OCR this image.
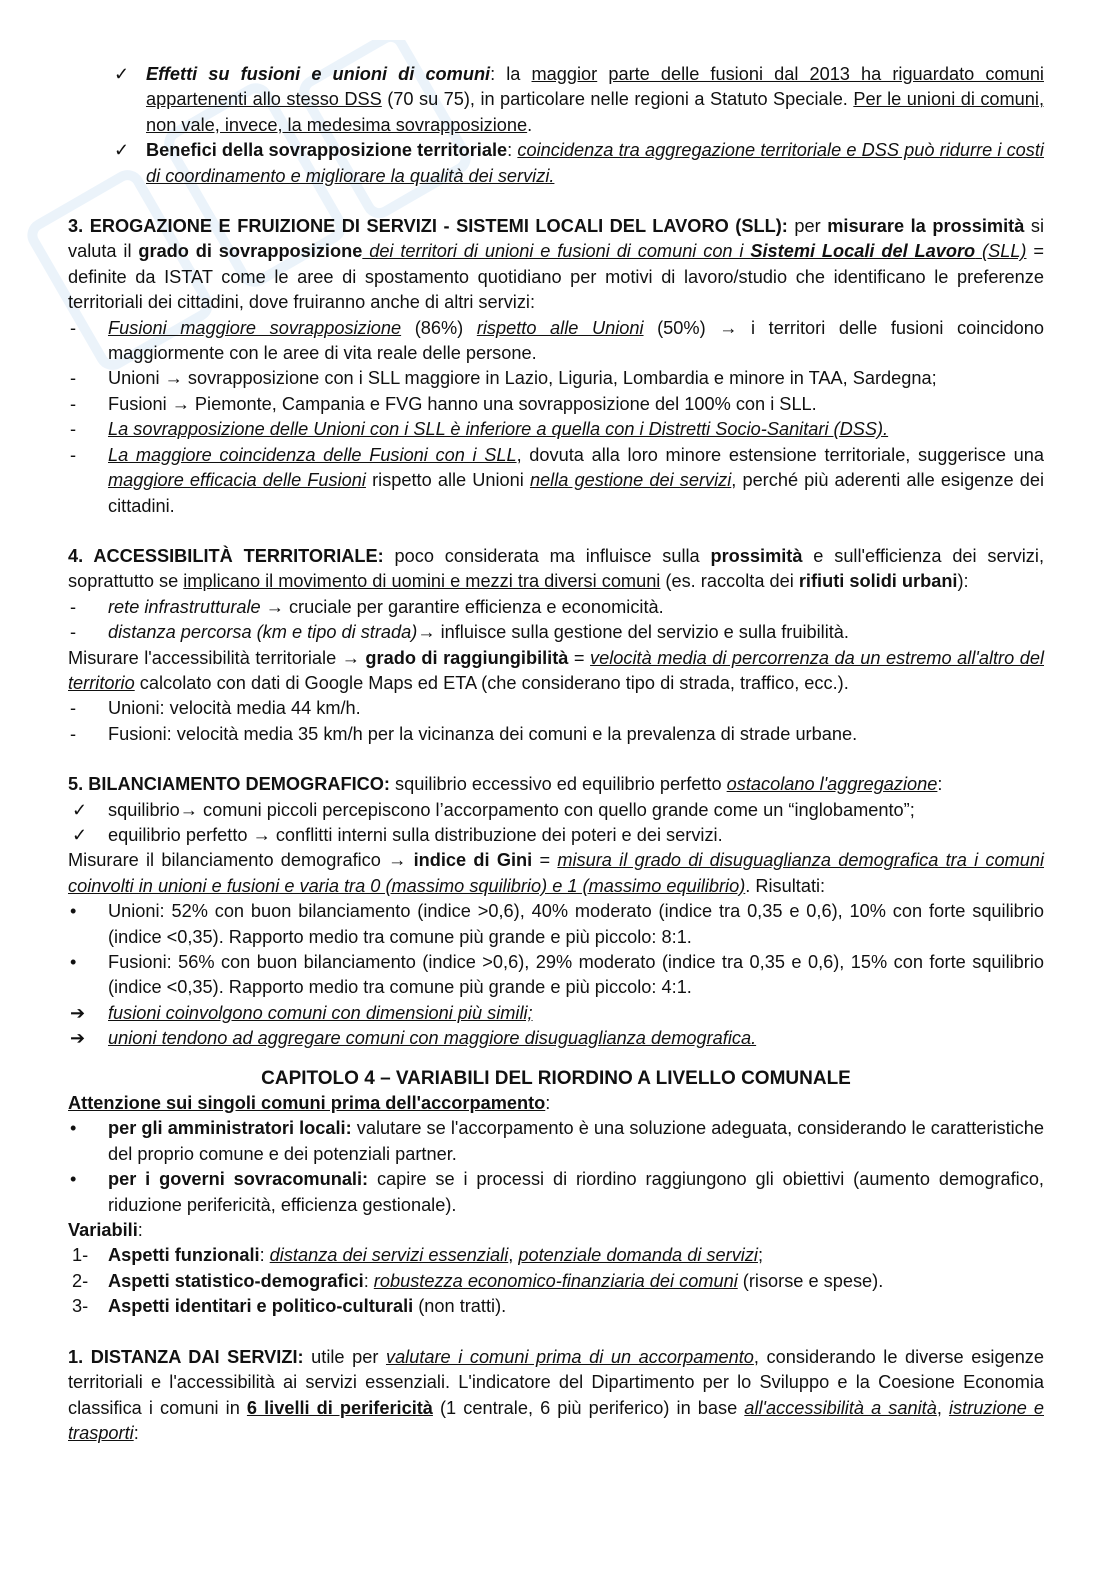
✓ Effetti su fusioni e unioni di comuni: la maggior parte delle fusioni dal 2013 ha riguardato comuni appartenenti allo stesso DSS (70 su 75), in particolare nelle regioni a Statuto Speciale. Per le unioni di comuni, non vale, invece, la medesima sovrapposizione.
✓ Benefici della sovrapposizione territoriale: coincidenza tra aggregazione territoriale e DSS può ridurre i costi di coordinamento e migliorare la qualità dei servizi.

3. EROGAZIONE E FRUIZIONE DI SERVIZI - SISTEMI LOCALI DEL LAVORO (SLL): per misurare la prossimità si valuta il grado di sovrapposizione dei territori di unioni e fusioni di comuni con i Sistemi Locali del Lavoro (SLL) = definite da ISTAT come le aree di spostamento quotidiano per motivi di lavoro/studio che identificano le preferenze territoriali dei cittadini, dove fruiranno anche di altri servizi:

- Fusioni maggiore sovrapposizione (86%) rispetto alle Unioni (50%) → i territori delle fusioni coincidono maggiormente con le aree di vita reale delle persone.
- Unioni → sovrapposizione con i SLL maggiore in Lazio, Liguria, Lombardia e minore in TAA, Sardegna;
- Fusioni → Piemonte, Campania e FVG hanno una sovrapposizione del 100% con i SLL.
- La sovrapposizione delle Unioni con i SLL è inferiore a quella con i Distretti Socio-Sanitari (DSS).
- La maggiore coincidenza delle Fusioni con i SLL, dovuta alla loro minore estensione territoriale, suggerisce una maggiore efficacia delle Fusioni rispetto alle Unioni nella gestione dei servizi, perché più aderenti alle esigenze dei cittadini.

4. ACCESSIBILITÀ TERRITORIALE: poco considerata ma influisce sulla prossimità e sull'efficienza dei servizi, soprattutto se implicano il movimento di uomini e mezzi tra diversi comuni (es. raccolta dei rifiuti solidi urbani):

- rete infrastrutturale → cruciale per garantire efficienza e economicità.
- distanza percorsa (km e tipo di strada)→ influisce sulla gestione del servizio e sulla fruibilità.

Misurare l'accessibilità territoriale → grado di raggiungibilità = velocità media di percorrenza da un estremo all'altro del territorio calcolato con dati di Google Maps ed ETA (che considerano tipo di strada, traffico, ecc.).

- Unioni: velocità media 44 km/h.
- Fusioni: velocità media 35 km/h per la vicinanza dei comuni e la prevalenza di strade urbane.

5. BILANCIAMENTO DEMOGRAFICO: squilibrio eccessivo ed equilibrio perfetto ostacolano l'aggregazione:

✓ squilibrio→ comuni piccoli percepiscono l’accorpamento con quello grande come un “inglobamento”;
✓ equilibrio perfetto → conflitti interni sulla distribuzione dei poteri e dei servizi.

Misurare il bilanciamento demografico → indice di Gini = misura il grado di disuguaglianza demografica tra i comuni coinvolti in unioni e fusioni e varia tra 0 (massimo squilibrio) e 1 (massimo equilibrio). Risultati:

• Unioni: 52% con buon bilanciamento (indice >0,6), 40% moderato (indice tra 0,35 e 0,6), 10% con forte squilibrio (indice <0,35). Rapporto medio tra comune più grande e più piccolo: 8:1.
• Fusioni: 56% con buon bilanciamento (indice >0,6), 29% moderato (indice tra 0,35 e 0,6), 15% con forte squilibrio (indice <0,35). Rapporto medio tra comune più grande e più piccolo: 4:1.
➔ fusioni coinvolgono comuni con dimensioni più simili;
➔ unioni tendono ad aggregare comuni con maggiore disuguaglianza demografica.

CAPITOLO 4 – VARIABILI DEL RIORDINO A LIVELLO COMUNALE

Attenzione sui singoli comuni prima dell'accorpamento:

• per gli amministratori locali: valutare se l'accorpamento è una soluzione adeguata, considerando le caratteristiche del proprio comune e dei potenziali partner.
• per i governi sovracomunali: capire se i processi di riordino raggiungono gli obiettivi (aumento demografico, riduzione perifericità, efficienza gestionale).

Variabili:

1- Aspetti funzionali: distanza dei servizi essenziali, potenziale domanda di servizi;
2- Aspetti statistico-demografici: robustezza economico-finanziaria dei comuni (risorse e spese).
3- Aspetti identitari e politico-culturali (non tratti).

1. DISTANZA DAI SERVIZI: utile per valutare i comuni prima di un accorpamento, considerando le diverse esigenze territoriali e l'accessibilità ai servizi essenziali. L'indicatore del Dipartimento per lo Sviluppo e la Coesione Economia classifica i comuni in 6 livelli di perifericità (1 centrale, 6 più periferico) in base all'accessibilità a sanità, istruzione e trasporti:
